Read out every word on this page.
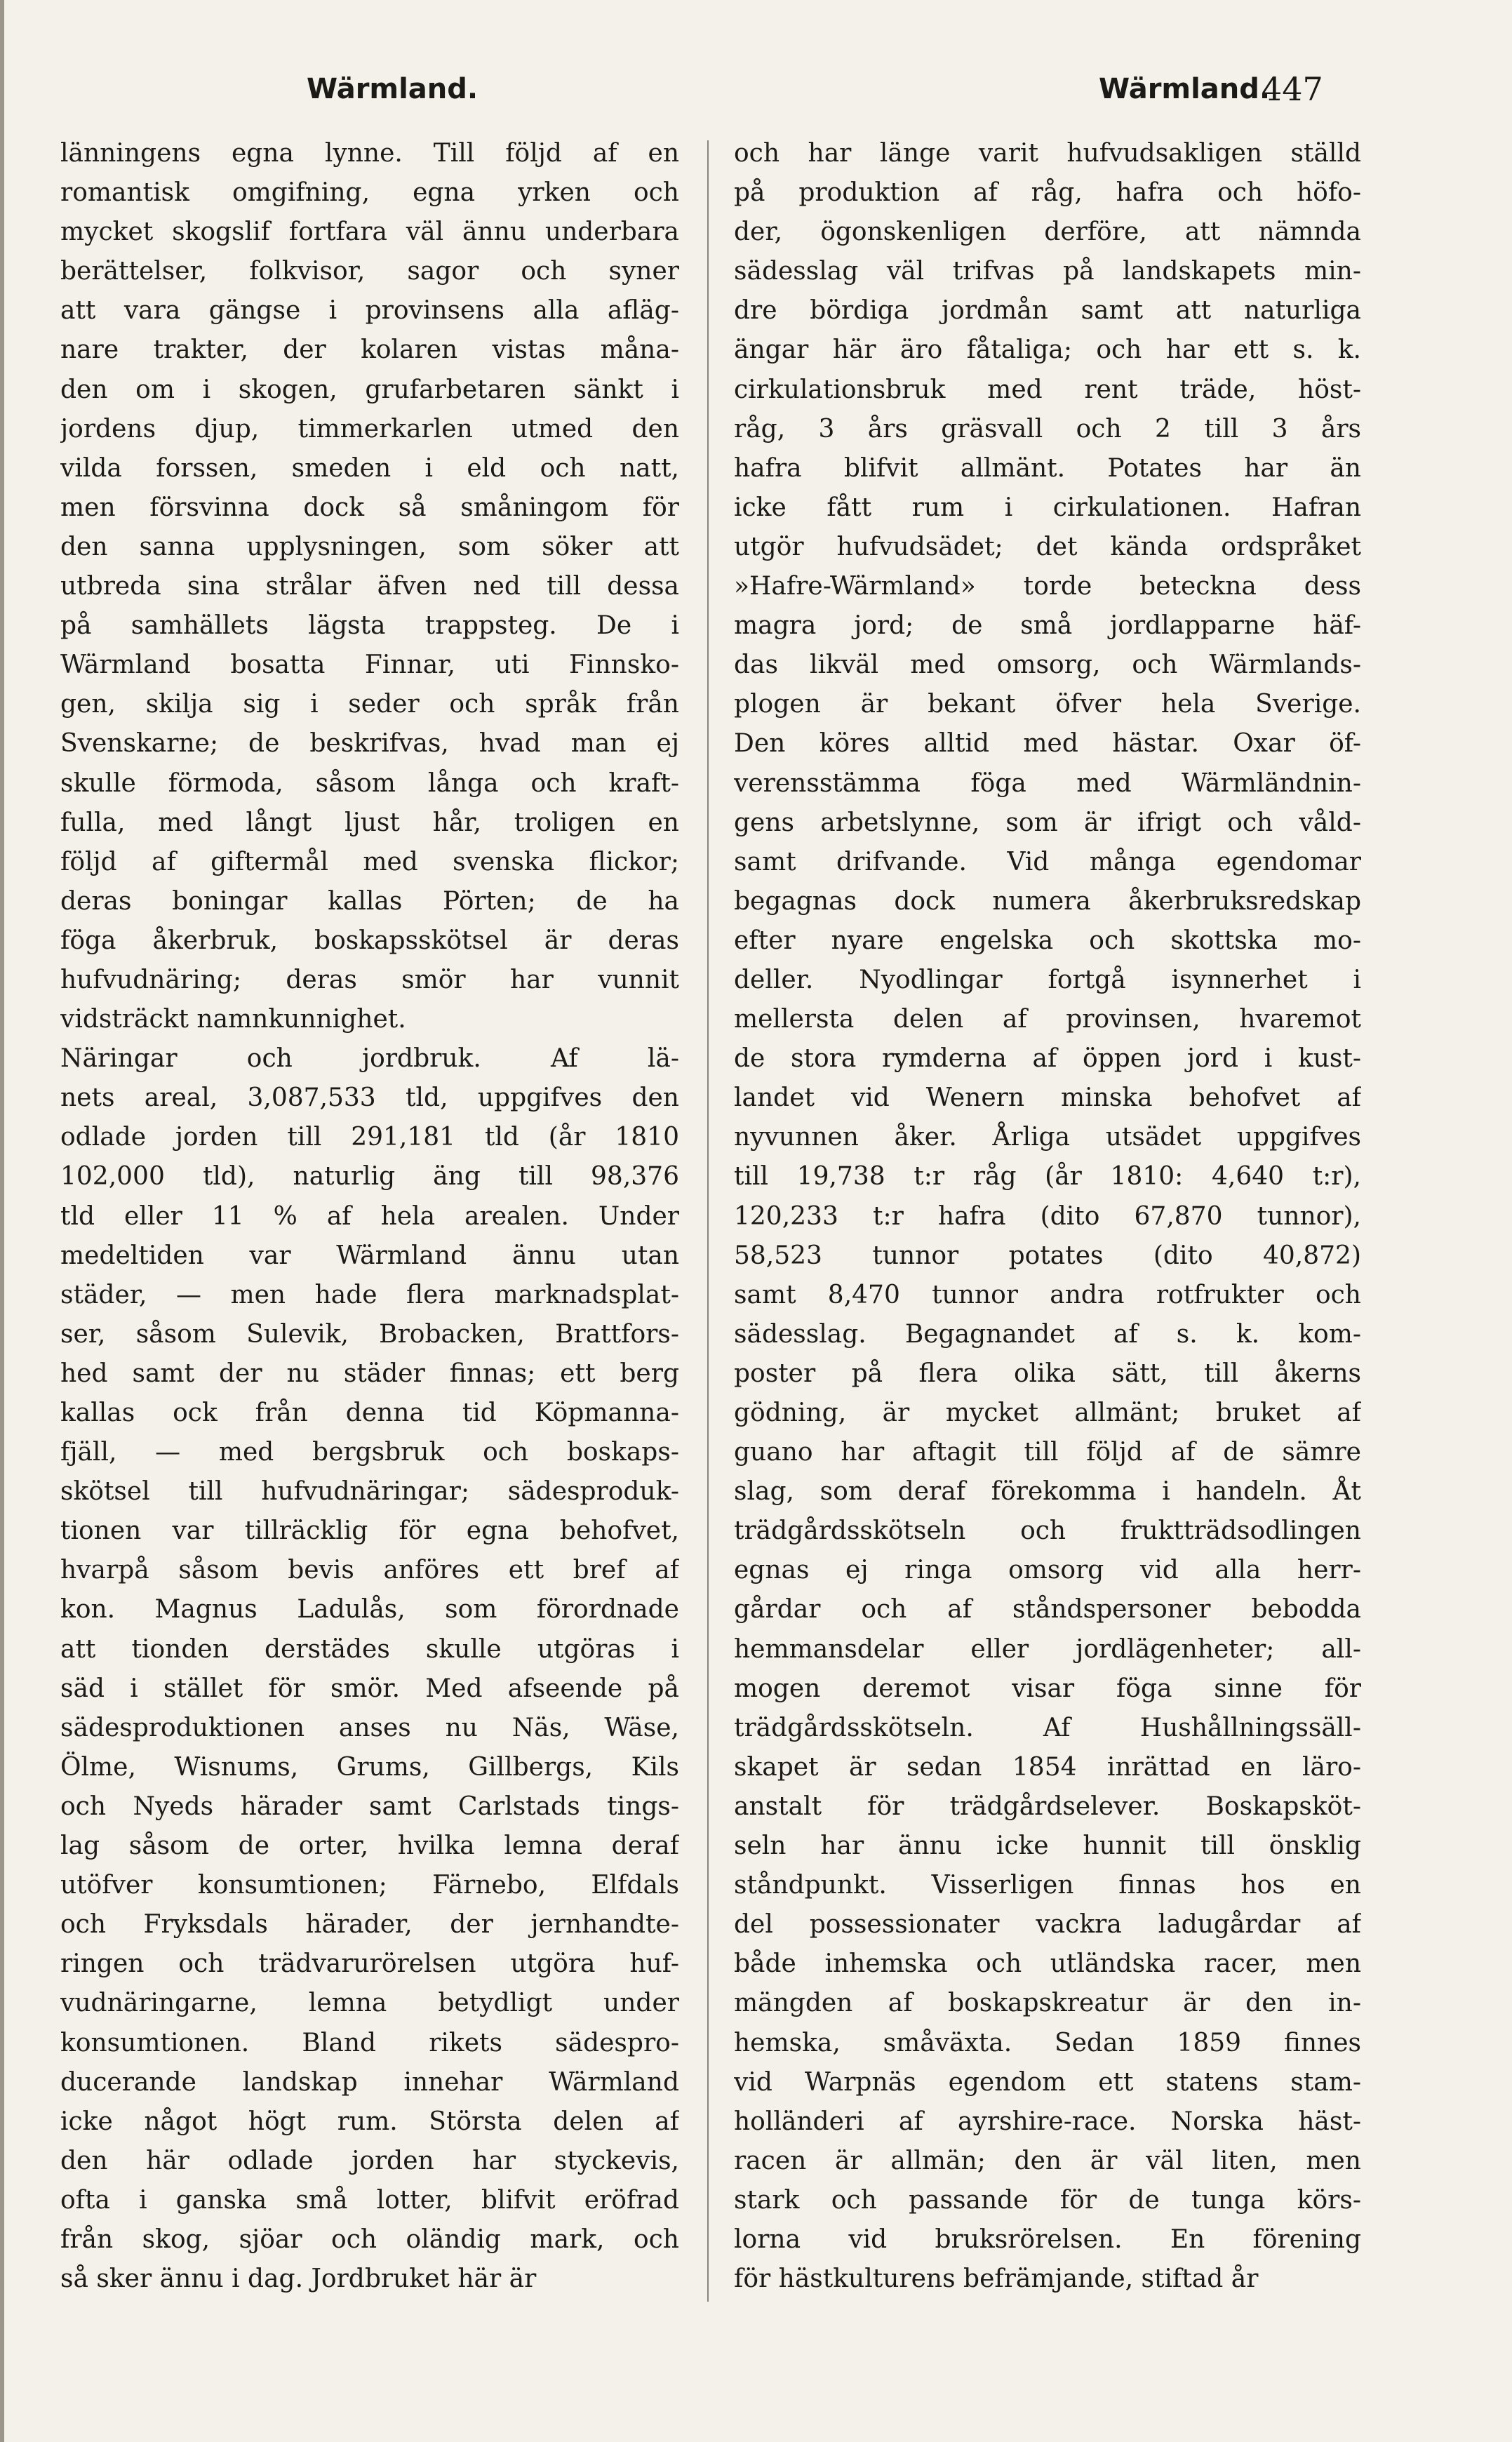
Wärmland.	Wärmland.
447
länningens egna lynne. Till följd af en
romantisk omgifning, egna yrken och
mycket skogslif fortfara väl ännu underbara
berättelser, folkvisor, sagor och syner
att vara gängse i provinsens alla afläg-
nare trakter, der kolaren vistas måna-
den om i skogen, grufarbetaren sänkt i
jordens djup, timmerkarlen utmed den
vilda forssen, smeden i eld och natt,
men försvinna dock så småningom för
den sanna upplysningen, som söker att
utbreda sina strålar äfven ned till dessa
på samhällets lägsta trappsteg. De i
Wärmland bosatta Finnar, uti Finnsko-
gen, skilja sig i seder och språk från
Svenskarne; de beskrifvas, hvad man ej
skulle förmoda, såsom långa och kraft-
fulla, med långt ljust hår, troligen en
följd af giftermål med svenska flickor;
deras boningar kallas Pörten; de ha
föga åkerbruk, boskapsskötsel är deras
hufvudnäring; deras smör har vunnit
vidsträckt namnkunnighet.
Näringar och jordbruk. Af lä-
nets areal, 3,087,533 tld, uppgifves den
odlade jorden till 291,181 tld (år 1810
102,000 tld), naturlig äng till 98,376
tld eller 11 % af hela arealen. Under
medeltiden var Wärmland ännu utan
städer, — men hade flera marknadsplat-
ser, såsom Sulevik, Brobacken, Brattfors-
hed samt der nu städer finnas; ett berg
kallas ock från denna tid Köpmanna-
fjäll, — med bergsbruk och boskaps-
skötsel till hufvudnäringar; sädesproduk-
tionen var tillräcklig för egna behofvet,
hvarpå såsom bevis anföres ett bref af
kon. Magnus Ladulås, som förordnade
att tionden derstädes skulle utgöras i
säd i stället för smör. Med afseende på
sädesproduktionen anses nu Näs, Wäse,
Ölme, Wisnums, Grums, Gillbergs, Kils
och Nyeds härader samt Carlstads tings-
lag såsom de orter, hvilka lemna deraf
utöfver konsumtionen; Färnebo, Elfdals
och Fryksdals härader, der jernhandte-
ringen och trädvarurörelsen utgöra huf-
vudnäringarne, lemna betydligt under
konsumtionen. Bland rikets sädespro-
ducerande landskap innehar Wärmland
icke något högt rum. Största delen af
den här odlade jorden har styckevis,
ofta i ganska små lotter, blifvit eröfrad
från skog, sjöar och oländig mark, och
så sker ännu i dag. Jordbruket här är
och har länge varit hufvudsakligen ställd
på produktion af råg, hafra och höfo-
der, ögonskenligen derföre, att nämnda
sädesslag väl trifvas på landskapets min-
dre bördiga jordmån samt att naturliga
ängar här äro fåtaliga; och har ett s. k.
cirkulationsbruk med rent träde, höst-
råg, 3 års gräsvall och 2 till 3 års
hafra blifvit allmänt. Potates har än
icke fått rum i cirkulationen. Hafran
utgör hufvudsädet; det kända ordspråket
»Hafre-Wärmland» torde beteckna dess
magra jord; de små jordlapparne häf-
das likväl med omsorg, och Wärmlands-
plogen är bekant öfver hela Sverige.
Den köres alltid med hästar. Oxar öf-
verensstämma föga med Wärmländnin-
gens arbetslynne, som är ifrigt och våld-
samt drifvande. Vid många egendomar
begagnas dock numera åkerbruksredskap
efter nyare engelska och skottska mo-
deller. Nyodlingar fortgå isynnerhet i
mellersta delen af provinsen, hvaremot
de stora rymderna af öppen jord i kust-
landet vid Wenern minska behofvet af
nyvunnen åker. Årliga utsädet uppgifves
till 19,738 t:r råg (år 1810: 4,640 t:r),
120,233 t:r hafra (dito 67,870 tunnor),
58,523 tunnor potates (dito 40,872)
samt 8,470 tunnor andra rotfrukter och
sädesslag. Begagnandet af s. k. kom-
poster på flera olika sätt, till åkerns
gödning, är mycket allmänt; bruket af
guano har aftagit till följd af de sämre
slag, som deraf förekomma i handeln. Åt
trädgårdsskötseln och fruktträdsodlingen
egnas ej ringa omsorg vid alla herr-
gårdar och af ståndspersoner bebodda
hemmansdelar eller jordlägenheter; all-
mogen deremot visar föga sinne för
trädgårdsskötseln. Af Hushållningssäll-
skapet är sedan 1854 inrättad en läro-
anstalt för trädgårdselever. Boskapsköt-
seln har ännu icke hunnit till önsklig
ståndpunkt. Visserligen finnas hos en
del possessionater vackra ladugårdar af
både inhemska och utländska racer, men
mängden af boskapskreatur är den in-
hemska, småväxta. Sedan 1859 finnes
vid Warpnäs egendom ett statens stam-
holländeri af ayrshire-race. Norska häst-
racen är allmän; den är väl liten, men
stark och passande för de tunga körs-
lorna vid bruksrörelsen. En förening
för hästkulturens befrämjande, stiftad år
